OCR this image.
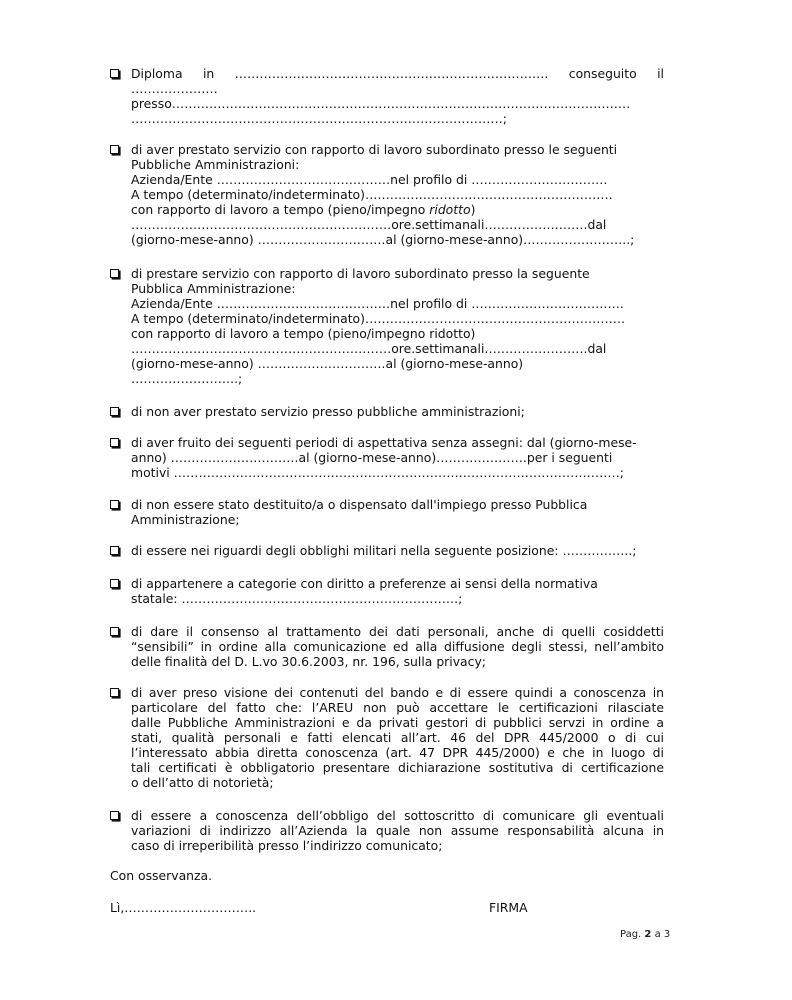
Diploma in …………………………………………………………………. conseguito il
…………………
presso…………………………………………………………………………………………………
………………………………………………………………………………;
di aver prestato servizio con rapporto di lavoro subordinato presso le seguenti
Pubbliche Amministrazioni:
Azienda/Ente ……………………………………nel profilo di ……………………………
A tempo (determinato/indeterminato)……………………………………………………
con rapporto di lavoro a tempo (pieno/impegno ridotto)
………………………………………………………ore.settimanali…………………….dal
(giorno-mese-anno) ………………………….al (giorno-mese-anno)……………………..;
di prestare servizio con rapporto di lavoro subordinato presso la seguente
Pubblica Amministrazione:
Azienda/Ente ……………………………………nel profilo di ……………………………….
A tempo (determinato/indeterminato)………………………………………………………
con rapporto di lavoro a tempo (pieno/impegno ridotto)
………………………………………………………ore.settimanali…………………….dal
(giorno-mese-anno) ………………………….al (giorno-mese-anno)
……………………..;
di non aver prestato servizio presso pubbliche amministrazioni;
di aver fruito dei seguenti periodi di aspettativa senza assegni: dal (giorno-mese-
anno) ………………………….al (giorno-mese-anno)………………….per i seguenti
motivi ………………………………………………………………………………………………;
di non essere stato destituito/a o dispensato dall'impiego presso Pubblica
Amministrazione;
di essere nei riguardi degli obblighi militari nella seguente posizione: ……………..;
di appartenere a categorie con diritto a preferenze ai sensi della normativa
statale: ………………………………………………………….;
di dare il consenso al trattamento dei dati personali, anche di quelli cosiddetti
“sensibili” in ordine alla comunicazione ed alla diffusione degli stessi, nell’ambito
delle finalità del D. L.vo 30.6.2003, nr. 196, sulla privacy;
di aver preso visione dei contenuti del bando e di essere quindi a conoscenza in
particolare del fatto che: l’AREU non può accettare le certificazioni rilasciate
dalle Pubbliche Amministrazioni e da privati gestori di pubblici servzi in ordine a
stati, qualità personali e fatti elencati all’art. 46 del DPR 445/2000 o di cui
l’interessato abbia diretta conoscenza (art. 47 DPR 445/2000) e che in luogo di
tali certificati è obbligatorio presentare dichiarazione sostitutiva di certificazione
o dell’atto di notorietà;
di essere a conoscenza dell’obbligo del sottoscritto di comunicare gli eventuali
variazioni di indirizzo all’Azienda la quale non assume responsabilità alcuna in
caso di irreperibilità presso l’indirizzo comunicato;
Con osservanza.
Lì,…………………………..	FIRMA
Pag. 2 a 3
